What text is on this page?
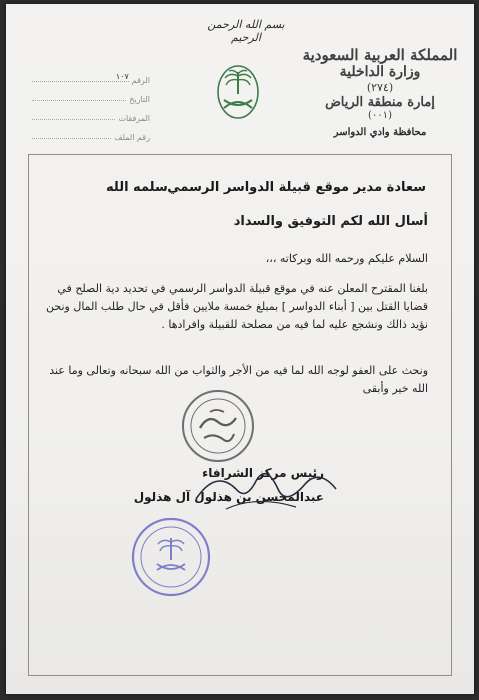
بسم الله الرحمن الرحيم
المملكة العربية السعودية
وزارة الداخلية
(٢٧٤)
إمارة منطقة الرياض
(٠٠١)
محافظة وادي الدواسر
الرقم
١٠٧
التاريخ
المرفقات
رقم الملف
سعادة مدير موقع قبيلة الدواسر الرسمي
سلمه الله
أسال الله لكم التوفيق والسداد
السلام عليكم ورحمه الله وبركاته ،،،
بلغنا المقترح المعلن عنه في موقع قبيلة الدواسر الرسمي في تحديد دية الصلح في قضايا القتل بين [ أبناء الدواسر ] بمبلغ خمسة ملايين فأقل في حال طلب المال ونحن نؤيد ذالك ونشجع عليه لما فيه من مصلحة للقبيلة وافرادها .
ونحث على العفو لوجه الله لما فيه من الأجر والثواب من الله سبحانه وتعالى وما عند الله خير وأبقى
رئيس مركز الشرافاء
عبدالمحسن بن هذلول آل هذلول
